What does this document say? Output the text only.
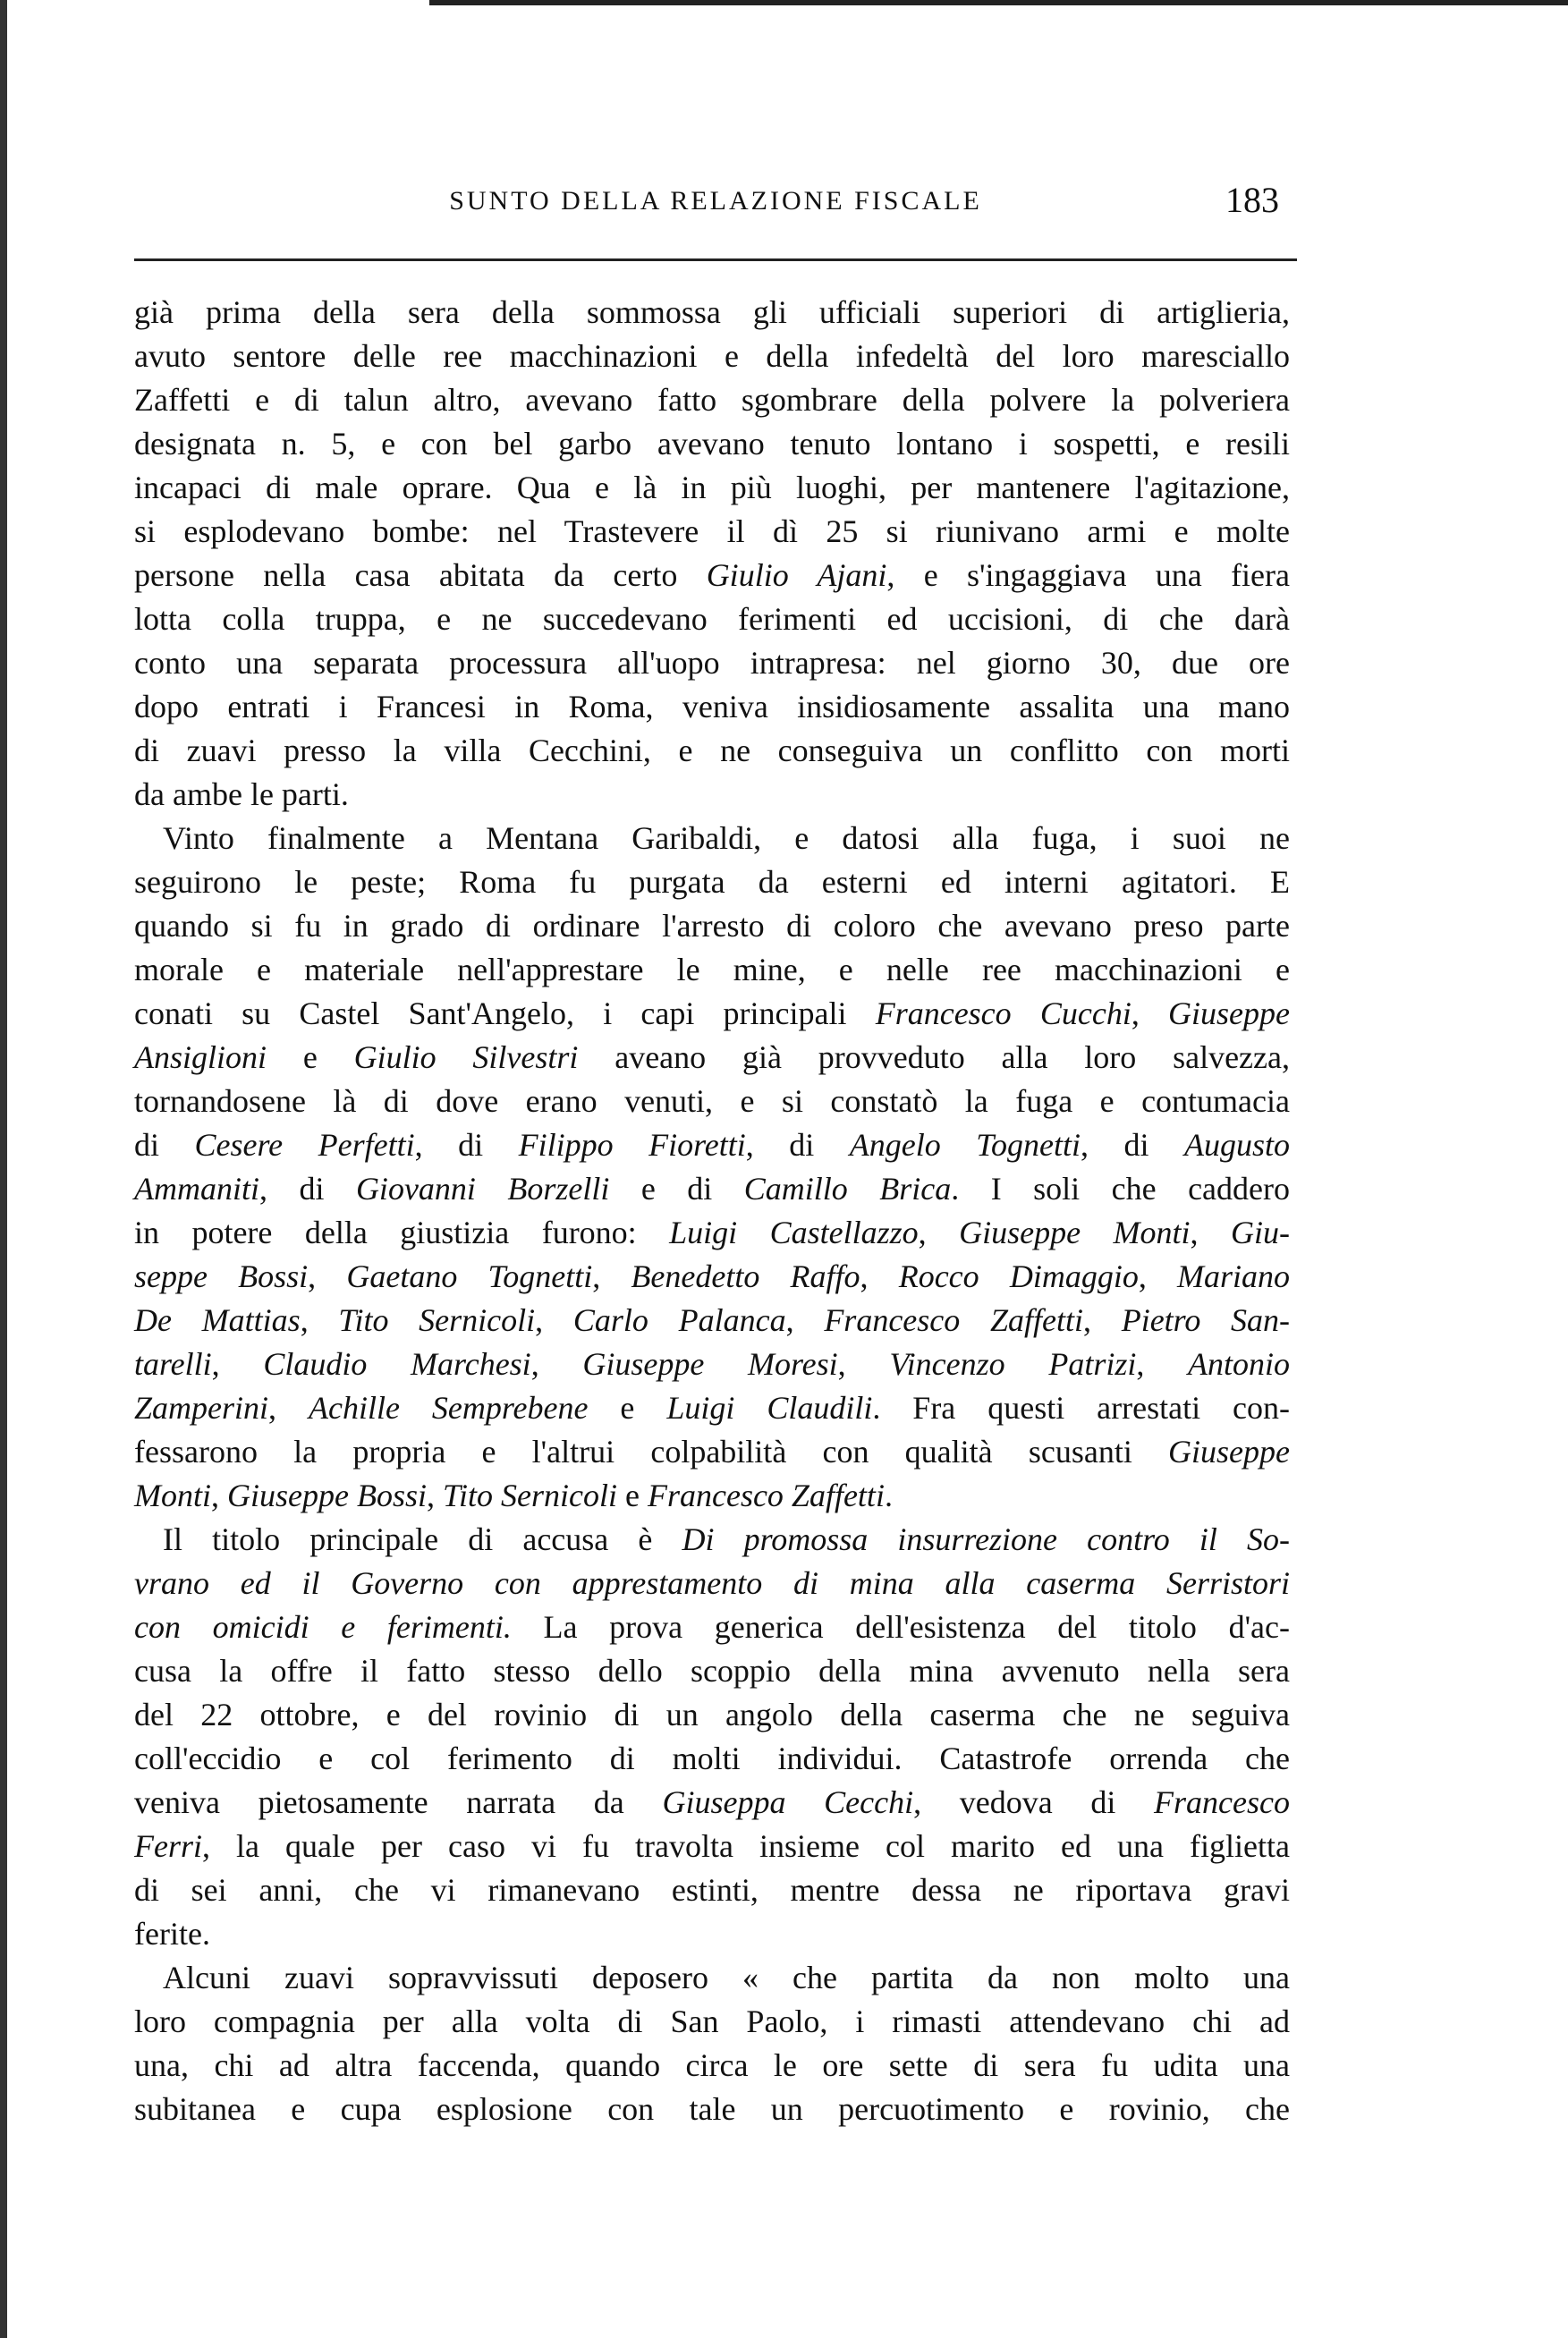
SUNTO DELLA RELAZIONE FISCALE	183
già prima della sera della sommossa gli ufficiali superiori di artiglieria,
avuto sentore delle ree macchinazioni e della infedeltà del loro maresciallo
Zaffetti e di talun altro, avevano fatto sgombrare della polvere la polveriera
designata n. 5, e con bel garbo avevano tenuto lontano i sospetti, e resili
incapaci di male oprare. Qua e là in più luoghi, per mantenere l'agitazione,
si esplodevano bombe: nel Trastevere il dì 25 si riunivano armi e molte
persone nella casa abitata da certo Giulio Ajani, e s'ingaggiava una fiera
lotta colla truppa, e ne succedevano ferimenti ed uccisioni, di che darà
conto una separata processura all'uopo intrapresa: nel giorno 30, due ore
dopo entrati i Francesi in Roma, veniva insidiosamente assalita una mano
di zuavi presso la villa Cecchini, e ne conseguiva un conflitto con morti
da ambe le parti.
Vinto finalmente a Mentana Garibaldi, e datosi alla fuga, i suoi ne
seguirono le peste; Roma fu purgata da esterni ed interni agitatori. E
quando si fu in grado di ordinare l'arresto di coloro che avevano preso parte
morale e materiale nell'apprestare le mine, e nelle ree macchinazioni e
conati su Castel Sant'Angelo, i capi principali Francesco Cucchi, Giuseppe
Ansiglioni e Giulio Silvestri aveano già provveduto alla loro salvezza,
tornandosene là di dove erano venuti, e si constatò la fuga e contumacia
di Cesere Perfetti, di Filippo Fioretti, di Angelo Tognetti, di Augusto
Ammaniti, di Giovanni Borzelli e di Camillo Brica. I soli che caddero
in potere della giustizia furono: Luigi Castellazzo, Giuseppe Monti, Giu-
seppe Bossi, Gaetano Tognetti, Benedetto Raffo, Rocco Dimaggio, Mariano
De Mattias, Tito Sernicoli, Carlo Palanca, Francesco Zaffetti, Pietro San-
tarelli, Claudio Marchesi, Giuseppe Moresi, Vincenzo Patrizi, Antonio
Zamperini, Achille Semprebene e Luigi Claudili. Fra questi arrestati con-
fessarono la propria e l'altrui colpabilità con qualità scusanti Giuseppe
Monti, Giuseppe Bossi, Tito Sernicoli e Francesco Zaffetti.
Il titolo principale di accusa è Di promossa insurrezione contro il So-
vrano ed il Governo con apprestamento di mina alla caserma Serristori
con omicidi e ferimenti. La prova generica dell'esistenza del titolo d'ac-
cusa la offre il fatto stesso dello scoppio della mina avvenuto nella sera
del 22 ottobre, e del rovinio di un angolo della caserma che ne seguiva
coll'eccidio e col ferimento di molti individui. Catastrofe orrenda che
veniva pietosamente narrata da Giuseppa Cecchi, vedova di Francesco
Ferri, la quale per caso vi fu travolta insieme col marito ed una figlietta
di sei anni, che vi rimanevano estinti, mentre dessa ne riportava gravi
ferite.
Alcuni zuavi sopravvissuti deposero « che partita da non molto una
loro compagnia per alla volta di San Paolo, i rimasti attendevano chi ad
una, chi ad altra faccenda, quando circa le ore sette di sera fu udita una
subitanea e cupa esplosione con tale un percuotimento e rovinio, che
